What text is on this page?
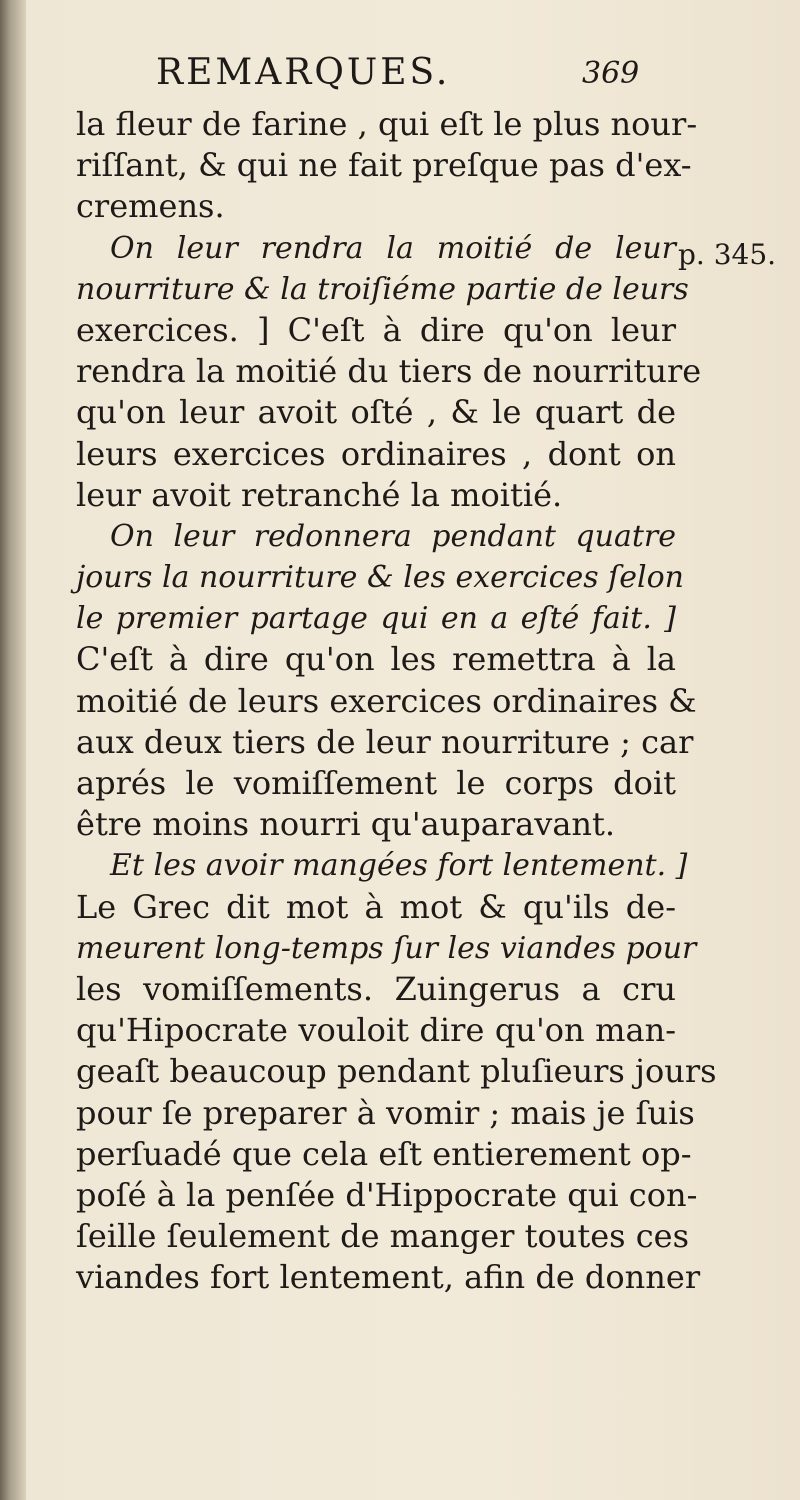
REMARQUES.	369
la fleur de farine , qui eſt le plus nour-
riſſant, & qui ne fait preſque pas d'ex-
cremens.
On leur rendra la moitié de leur
nourriture & la troiſiéme partie de leurs
exercices. ] C'eſt à dire qu'on leur
rendra la moitié du tiers de nourriture
qu'on leur avoit oſté , & le quart de
leurs exercices ordinaires , dont on
leur avoit retranché la moitié.
On leur redonnera pendant quatre
jours la nourriture & les exercices ſelon
le premier partage qui en a eſté fait. ]
C'eſt à dire qu'on les remettra à la
moitié de leurs exercices ordinaires &
aux deux tiers de leur nourriture ; car
aprés le vomiſſement le corps doit
être moins nourri qu'auparavant.
Et les avoir mangées fort lentement. ]
Le Grec dit mot à mot & qu'ils de-
meurent long-temps ſur les viandes pour
les vomiſſements. Zuingerus a cru
qu'Hipocrate vouloit dire qu'on man-
geaſt beaucoup pendant pluſieurs jours
pour ſe preparer à vomir ; mais je ſuis
perſuadé que cela eſt entierement op-
poſé à la penſée d'Hippocrate qui con-
ſeille ſeulement de manger toutes ces
viandes fort lentement, afin de donner
p. 345.
